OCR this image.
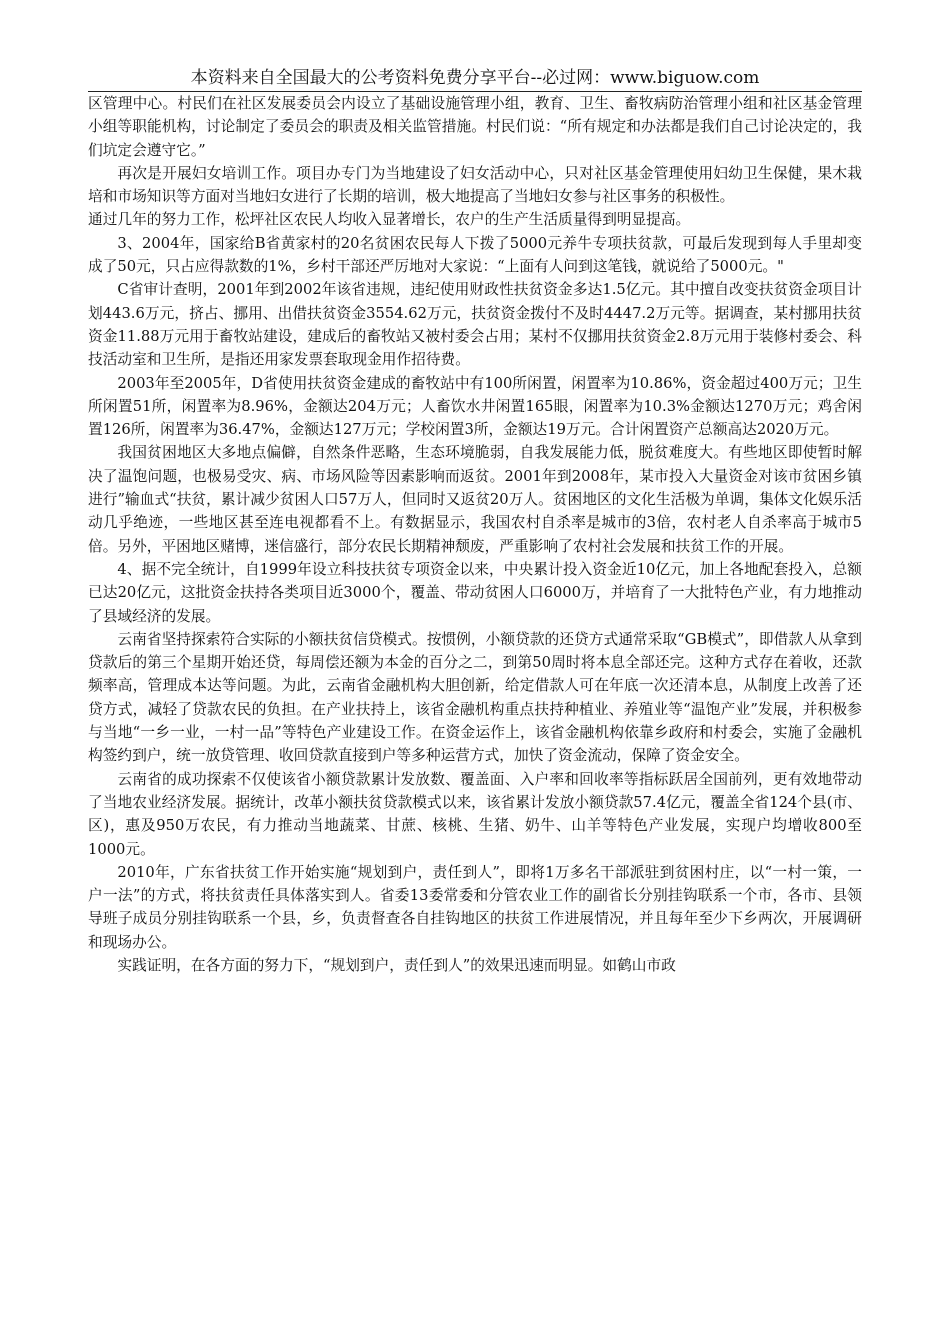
本资料来自全国最大的公考资料免费分享平台--必过网：www.biguow.com

区管理中心。村民们在社区发展委员会内设立了基础设施管理小组，教育、卫生、畜牧病防治管理小组和社区基金管理小组等职能机构，讨论制定了委员会的职责及相关监管措施。村民们说：“所有规定和办法都是我们自己讨论决定的，我们坑定会遵守它。”

再次是开展妇女培训工作。项目办专门为当地建设了妇女活动中心，只对社区基金管理使用妇幼卫生保健，果木栽培和市场知识等方面对当地妇女进行了长期的培训，极大地提高了当地妇女参与社区事务的积极性。

通过几年的努力工作，松坪社区农民人均收入显著增长，农户的生产生活质量得到明显提高。

3、2004年，国家给B省黄家村的20名贫困农民每人下拨了5000元养牛专项扶贫款，可最后发现到每人手里却变成了50元，只占应得款数的1%，乡村干部还严厉地对大家说：“上面有人问到这笔钱，就说给了5000元。"

C省审计查明，2001年到2002年该省违规，违纪使用财政性扶贫资金多达1.5亿元。其中擅自改变扶贫资金项目计划443.6万元，挤占、挪用、出借扶贫资金3554.62万元，扶贫资金拨付不及时4447.2万元等。据调查，某村挪用扶贫资金11.88万元用于畜牧站建设，建成后的畜牧站又被村委会占用；某村不仅挪用扶贫资金2.8万元用于装修村委会、科技活动室和卫生所，是指还用家发票套取现金用作招待费。

2003年至2005年，D省使用扶贫资金建成的畜牧站中有100所闲置，闲置率为10.86%，资金超过400万元；卫生所闲置51所，闲置率为8.96%，金额达204万元；人畜饮水井闲置165眼，闲置率为10.3%金额达1270万元；鸡舍闲置126所，闲置率为36.47%，金额达127万元；学校闲置3所，金额达19万元。合计闲置资产总额高达2020万元。

我国贫困地区大多地点偏僻，自然条件恶略，生态环境脆弱，自我发展能力低，脱贫难度大。有些地区即使暂时解决了温饱问题，也极易受灾、病、市场风险等因素影响而返贫。2001年到2008年，某市投入大量资金对该市贫困乡镇进行”输血式“扶贫，累计减少贫困人口57万人，但同时又返贫20万人。贫困地区的文化生活极为单调，集体文化娱乐活动几乎绝迹，一些地区甚至连电视都看不上。有数据显示，我国农村自杀率是城市的3倍，农村老人自杀率高于城市5倍。另外，平困地区赌博，迷信盛行，部分农民长期精神颓废，严重影响了农村社会发展和扶贫工作的开展。

4、据不完全统计，自1999年设立科技扶贫专项资金以来，中央累计投入资金近10亿元，加上各地配套投入，总额已达20亿元，这批资金扶持各类项目近3000个，覆盖、带动贫困人口6000万，并培育了一大批特色产业，有力地推动了县域经济的发展。

云南省坚持探索符合实际的小额扶贫信贷模式。按惯例，小额贷款的还贷方式通常采取“GB模式”，即借款人从拿到贷款后的第三个星期开始还贷，每周偿还额为本金的百分之二，到第50周时将本息全部还完。这种方式存在着收，还款频率高，管理成本达等问题。为此，云南省金融机构大胆创新，给定借款人可在年底一次还清本息，从制度上改善了还贷方式，减轻了贷款农民的负担。在产业扶持上，该省金融机构重点扶持种植业、养殖业等“温饱产业”发展，并积极参与当地“一乡一业，一村一品”等特色产业建设工作。在资金运作上，该省金融机构依靠乡政府和村委会，实施了金融机构签约到户，统一放贷管理、收回贷款直接到户等多种运营方式，加快了资金流动，保障了资金安全。

云南省的成功探索不仅使该省小额贷款累计发放数、覆盖面、入户率和回收率等指标跃居全国前列，更有效地带动了当地农业经济发展。据统计，改革小额扶贫贷款模式以来，该省累计发放小额贷款57.4亿元，覆盖全省124个县(市、区)，惠及950万农民，有力推动当地蔬菜、甘蔗、核桃、生猪、奶牛、山羊等特色产业发展，实现户均增收800至1000元。

2010年，广东省扶贫工作开始实施“规划到户，责任到人”，即将1万多名干部派驻到贫困村庄，以“一村一策，一户一法”的方式，将扶贫责任具体落实到人。省委13委常委和分管农业工作的副省长分别挂钩联系一个市，各市、县领导班子成员分别挂钩联系一个县，乡，负责督查各自挂钩地区的扶贫工作进展情况，并且每年至少下乡两次，开展调研和现场办公。

实践证明，在各方面的努力下，“规划到户，责任到人”的效果迅速而明显。如鹤山市政
